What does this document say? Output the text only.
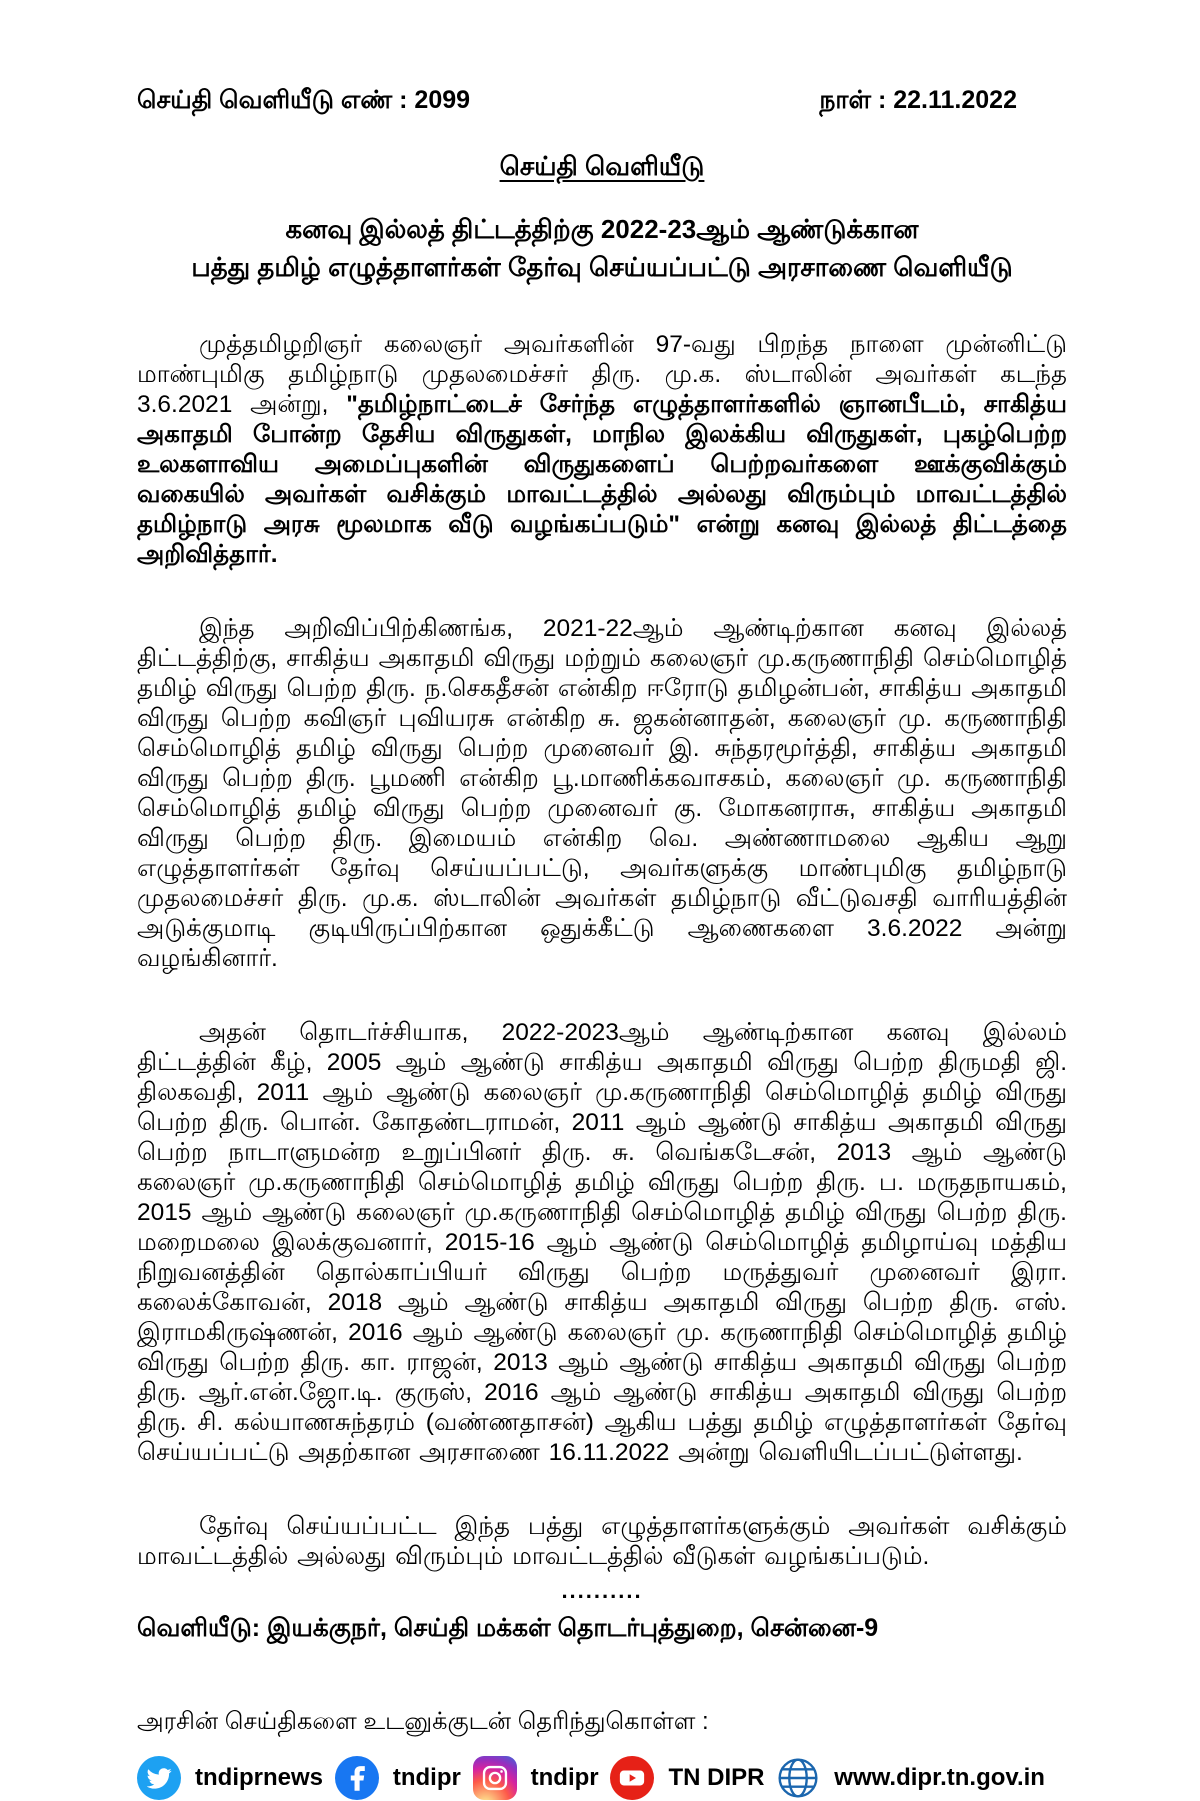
செய்தி வெளியீடு எண் : 2099	நாள் : 22.11.2022
செய்தி வெளியீடு
கனவு இல்லத் திட்டத்திற்கு 2022-23ஆம் ஆண்டுக்கான
பத்து தமிழ் எழுத்தாளர்கள் தேர்வு செய்யப்பட்டு அரசாணை வெளியீடு

முத்தமிழறிஞர் கலைஞர் அவர்களின் 97-வது பிறந்த நாளை முன்னிட்டு மாண்புமிகு தமிழ்நாடு முதலமைச்சர் திரு. மு.க. ஸ்டாலின் அவர்கள் கடந்த 3.6.2021 அன்று, "தமிழ்நாட்டைச் சேர்ந்த எழுத்தாளர்களில் ஞானபீடம், சாகித்ய அகாதமி போன்ற தேசிய விருதுகள், மாநில இலக்கிய விருதுகள், புகழ்பெற்ற உலகளாவிய அமைப்புகளின் விருதுகளைப் பெற்றவர்களை ஊக்குவிக்கும் வகையில் அவர்கள் வசிக்கும் மாவட்டத்தில் அல்லது விரும்பும் மாவட்டத்தில் தமிழ்நாடு அரசு மூலமாக வீடு வழங்கப்படும்" என்று கனவு இல்லத் திட்டத்தை அறிவித்தார்.

இந்த அறிவிப்பிற்கிணங்க, 2021-22ஆம் ஆண்டிற்கான கனவு இல்லத் திட்டத்திற்கு, சாகித்ய அகாதமி விருது மற்றும் கலைஞர் மு.கருணாநிதி செம்மொழித் தமிழ் விருது பெற்ற திரு. ந.செகதீசன் என்கிற ஈரோடு தமிழன்பன், சாகித்ய அகாதமி விருது பெற்ற கவிஞர் புவியரசு என்கிற சு. ஜகன்னாதன், கலைஞர் மு. கருணாநிதி செம்மொழித் தமிழ் விருது பெற்ற முனைவர் இ. சுந்தரமூர்த்தி, சாகித்ய அகாதமி விருது பெற்ற திரு. பூமணி என்கிற பூ.மாணிக்கவாசகம், கலைஞர் மு. கருணாநிதி செம்மொழித் தமிழ் விருது பெற்ற முனைவர் கு. மோகனராசு, சாகித்ய அகாதமி விருது பெற்ற திரு. இமையம் என்கிற வெ. அண்ணாமலை ஆகிய ஆறு எழுத்தாளர்கள் தேர்வு செய்யப்பட்டு, அவர்களுக்கு மாண்புமிகு தமிழ்நாடு முதலமைச்சர் திரு. மு.க. ஸ்டாலின் அவர்கள் தமிழ்நாடு வீட்டுவசதி வாரியத்தின் அடுக்குமாடி குடியிருப்பிற்கான ஒதுக்கீட்டு ஆணைகளை 3.6.2022 அன்று வழங்கினார்.

அதன் தொடர்ச்சியாக, 2022-2023ஆம் ஆண்டிற்கான கனவு இல்லம் திட்டத்தின் கீழ், 2005 ஆம் ஆண்டு சாகித்ய அகாதமி விருது பெற்ற திருமதி ஜி. திலகவதி, 2011 ஆம் ஆண்டு கலைஞர் மு.கருணாநிதி செம்மொழித் தமிழ் விருது பெற்ற திரு. பொன். கோதண்டராமன், 2011 ஆம் ஆண்டு சாகித்ய அகாதமி விருது பெற்ற நாடாளுமன்ற உறுப்பினர் திரு. சு. வெங்கடேசன், 2013 ஆம் ஆண்டு கலைஞர் மு.கருணாநிதி செம்மொழித் தமிழ் விருது பெற்ற திரு. ப. மருதநாயகம், 2015 ஆம் ஆண்டு கலைஞர் மு.கருணாநிதி செம்மொழித் தமிழ் விருது பெற்ற திரு. மறைமலை இலக்குவனார், 2015-16 ஆம் ஆண்டு செம்மொழித் தமிழாய்வு மத்திய நிறுவனத்தின் தொல்காப்பியர் விருது பெற்ற மருத்துவர் முனைவர் இரா. கலைக்கோவன், 2018 ஆம் ஆண்டு சாகித்ய அகாதமி விருது பெற்ற திரு. எஸ். இராமகிருஷ்ணன், 2016 ஆம் ஆண்டு கலைஞர் மு. கருணாநிதி செம்மொழித் தமிழ் விருது பெற்ற திரு. கா. ராஜன், 2013 ஆம் ஆண்டு சாகித்ய அகாதமி விருது பெற்ற திரு. ஆர்.என்.ஜோ.டி. குருஸ், 2016 ஆம் ஆண்டு சாகித்ய அகாதமி விருது பெற்ற திரு. சி. கல்யாணசுந்தரம் (வண்ணதாசன்) ஆகிய பத்து தமிழ் எழுத்தாளர்கள் தேர்வு செய்யப்பட்டு அதற்கான அரசாணை 16.11.2022 அன்று வெளியிடப்பட்டுள்ளது.

தேர்வு செய்யப்பட்ட இந்த பத்து எழுத்தாளர்களுக்கும் அவர்கள் வசிக்கும் மாவட்டத்தில் அல்லது விரும்பும் மாவட்டத்தில் வீடுகள் வழங்கப்படும்.

..........
வெளியீடு: இயக்குநர், செய்தி மக்கள் தொடர்புத்துறை, சென்னை-9
அரசின் செய்திகளை உடனுக்குடன் தெரிந்துகொள்ள :
tndiprnews	tndipr	tndipr	TN DIPR	www.dipr.tn.gov.in
